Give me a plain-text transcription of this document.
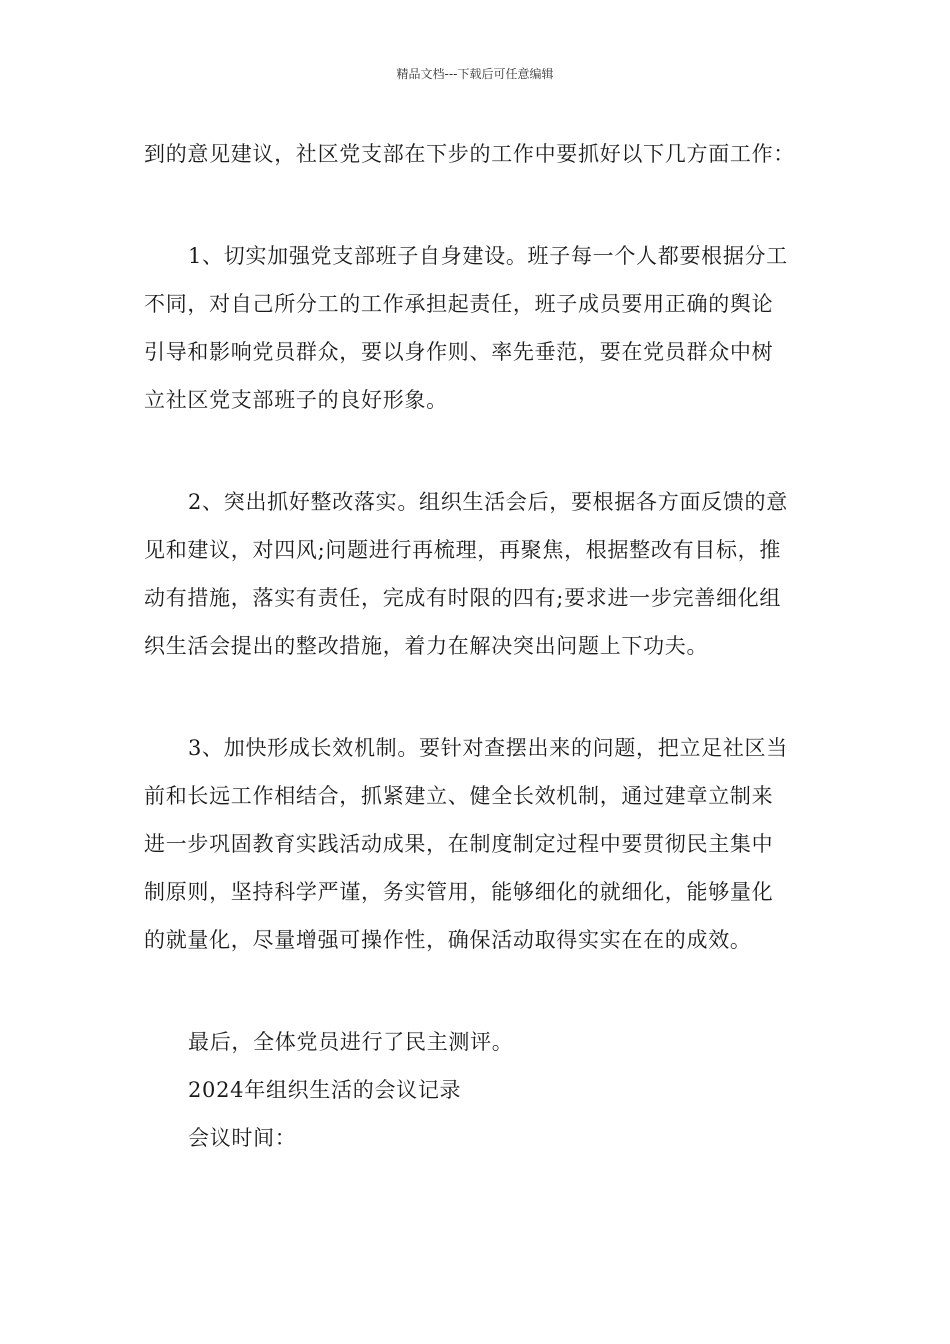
精品文档---下载后可任意编辑
到的意见建议，社区党支部在下步的工作中要抓好以下几方面工作：
1、切实加强党支部班子自身建设。班子每一个人都要根据分工
不同，对自己所分工的工作承担起责任，班子成员要用正确的舆论
引导和影响党员群众，要以身作则、率先垂范，要在党员群众中树
立社区党支部班子的良好形象。
2、突出抓好整改落实。组织生活会后，要根据各方面反馈的意
见和建议，对四风;问题进行再梳理，再聚焦，根据整改有目标，推
动有措施，落实有责任，完成有时限的四有;要求进一步完善细化组
织生活会提出的整改措施，着力在解决突出问题上下功夫。
3、加快形成长效机制。要针对查摆出来的问题，把立足社区当
前和长远工作相结合，抓紧建立、健全长效机制，通过建章立制来
进一步巩固教育实践活动成果，在制度制定过程中要贯彻民主集中
制原则，坚持科学严谨，务实管用，能够细化的就细化，能够量化
的就量化，尽量增强可操作性，确保活动取得实实在在的成效。
最后，全体党员进行了民主测评。
2024年组织生活的会议记录
会议时间：
